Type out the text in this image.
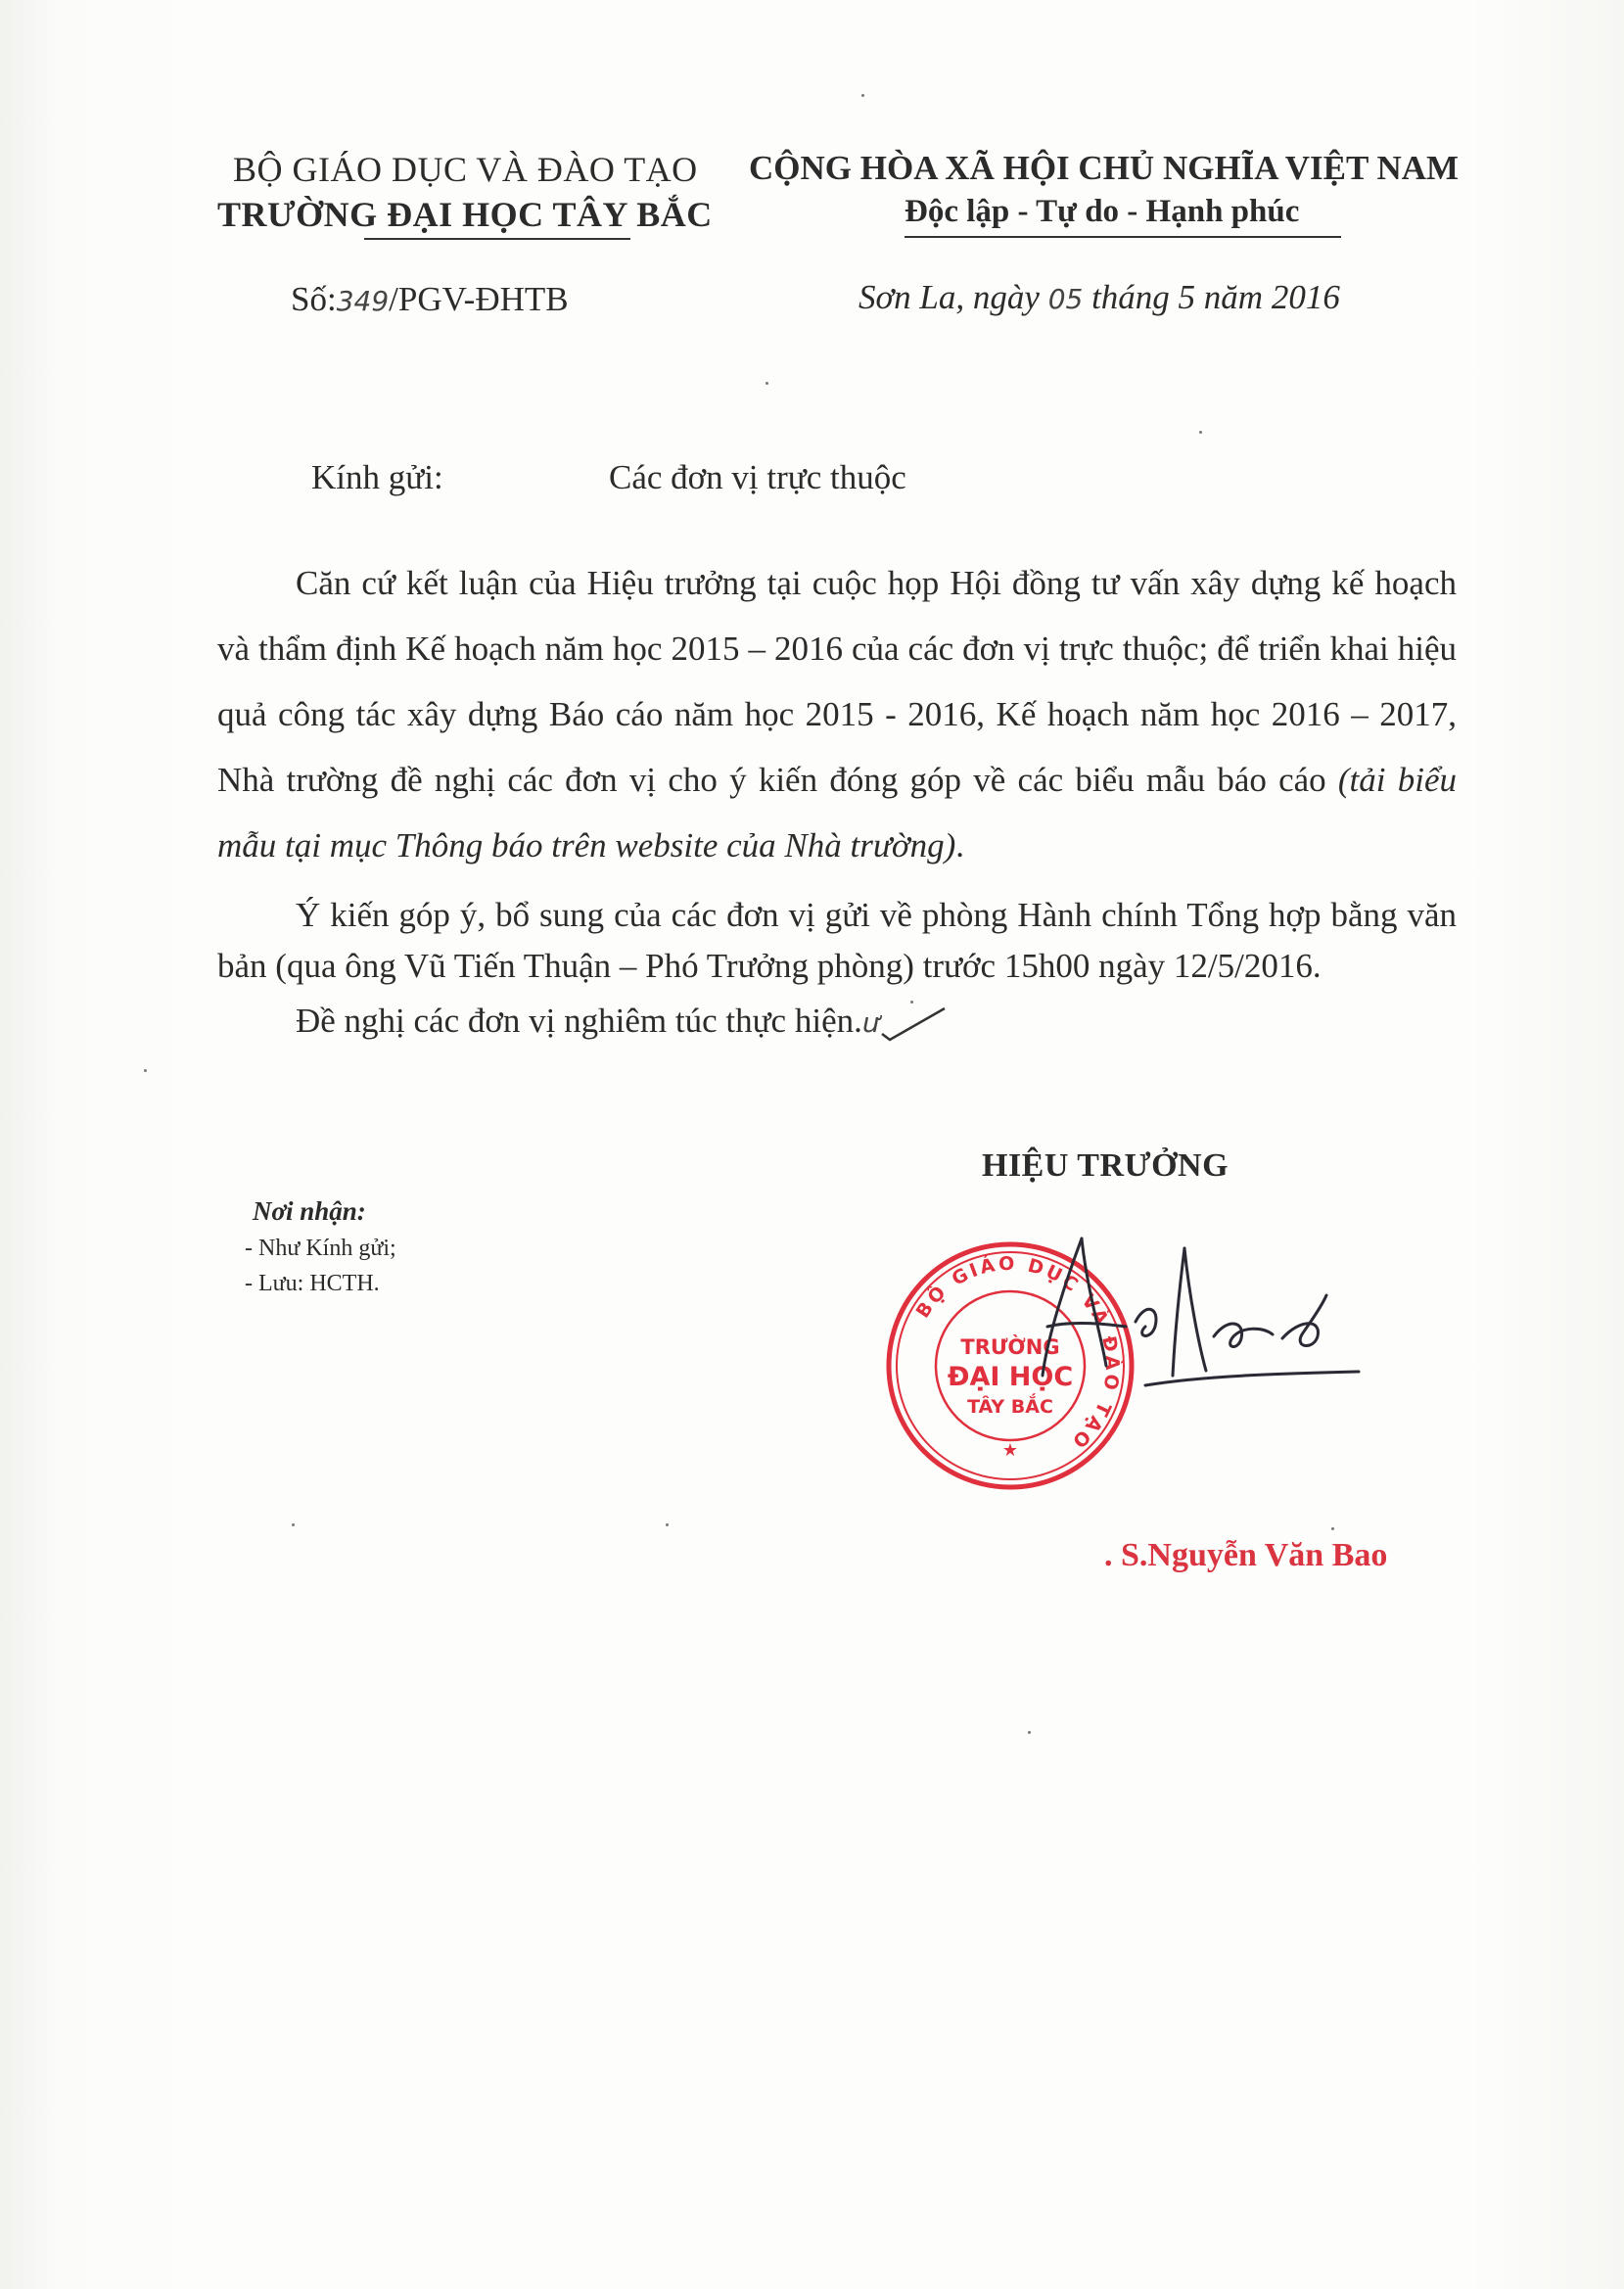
BỘ GIÁO DỤC VÀ ĐÀO TẠO
TRƯỜNG ĐẠI HỌC TÂY BẮC
CỘNG HÒA XÃ HỘI CHỦ NGHĨA VIỆT NAM
Độc lập - Tự do - Hạnh phúc
Số:349/PGV-ĐHTB	Sơn La, ngày 05 tháng 5 năm 2016
Kính gửi:	Các đơn vị trực thuộc

Căn cứ kết luận của Hiệu trưởng tại cuộc họp Hội đồng tư vấn xây dựng kế hoạch và thẩm định Kế hoạch năm học 2015 – 2016 của các đơn vị trực thuộc; để triển khai hiệu quả công tác xây dựng Báo cáo năm học 2015 - 2016, Kế hoạch năm học 2016 – 2017, Nhà trường đề nghị các đơn vị cho ý kiến đóng góp về các biểu mẫu báo cáo (tải biểu mẫu tại mục Thông báo trên website của Nhà trường).

Ý kiến góp ý, bổ sung của các đơn vị gửi về phòng Hành chính Tổng hợp bằng văn bản (qua ông Vũ Tiến Thuận – Phó Trưởng phòng) trước 15h00 ngày 12/5/2016.

Đề nghị các đơn vị nghiêm túc thực hiện.ư

Nơi nhận:
- Như Kính gửi;
- Lưu: HCTH.
HIỆU TRƯỞNG
BỘ GIÁO DỤC VÀ ĐÀO TẠO
TRƯỜNG
ĐẠI HỌC
TÂY BẮC
★
. S.Nguyễn Văn Bao
